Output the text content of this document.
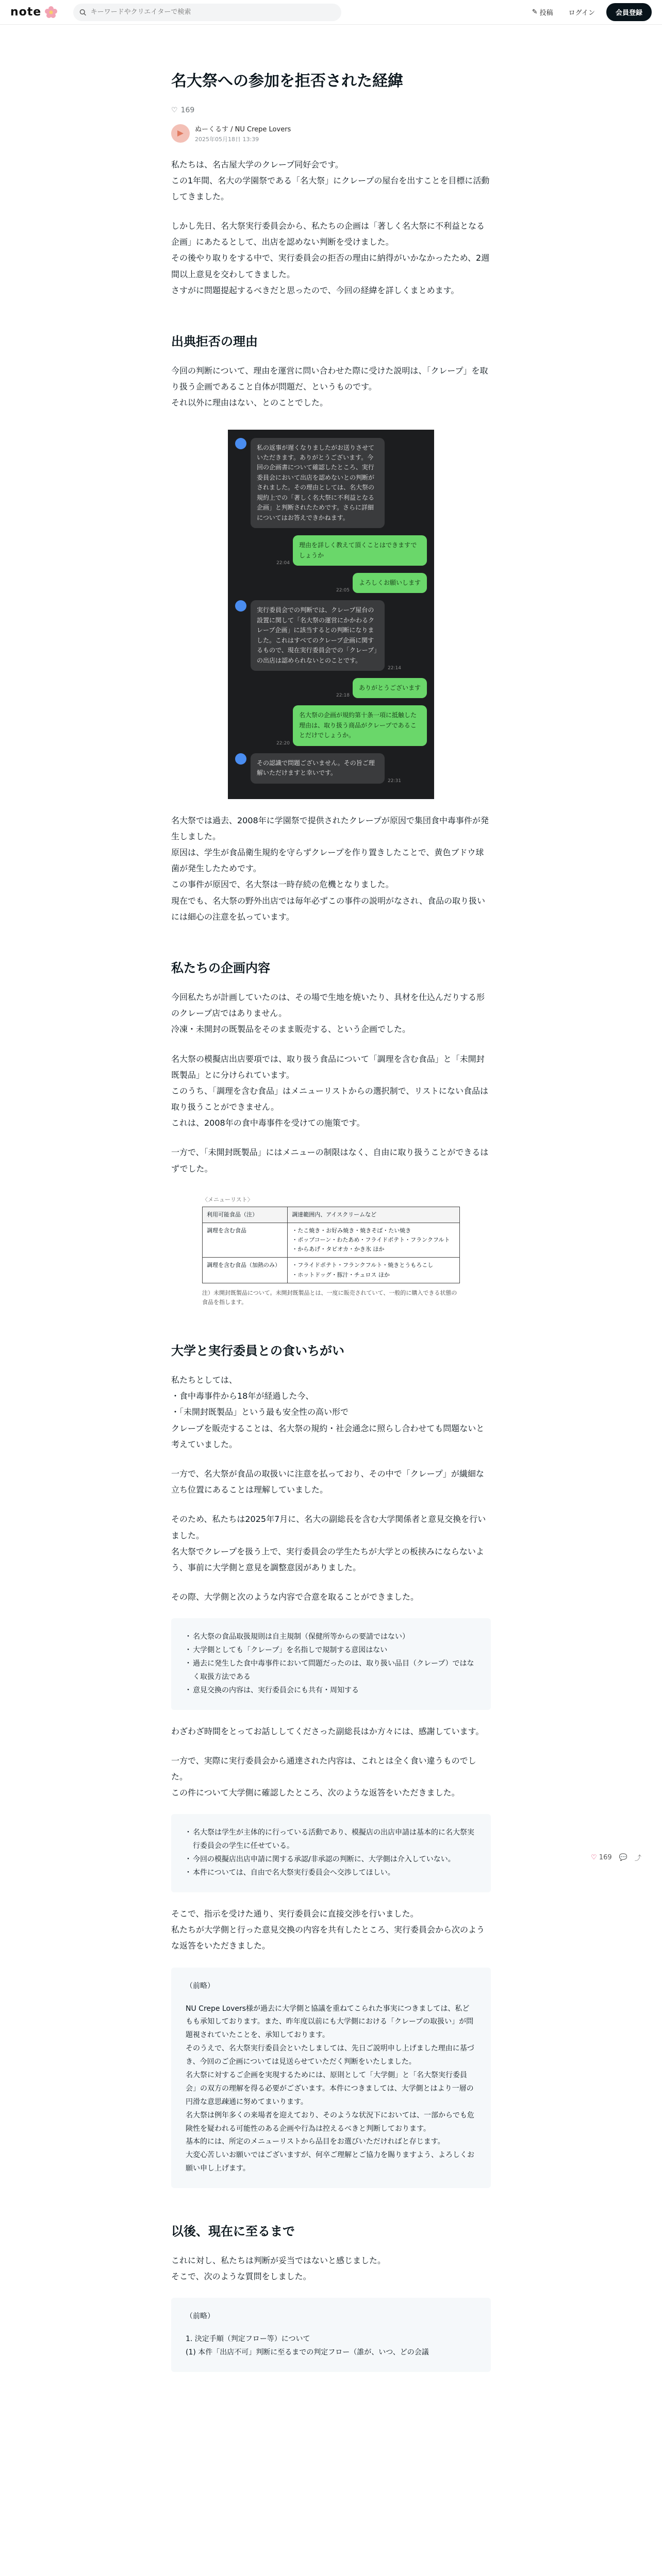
note
キーワードやクリエイターで検索	✎ 投稿	ログイン	会員登録
名大祭への参加を拒否された経緯
♡ 169
ぬーくるす / NU Crepe Lovers
2025年05月18日 13:39

私たちは、名古屋大学のクレープ同好会です。
この1年間、名大の学園祭である「名大祭」にクレープの屋台を出すことを目標に活動してきました。

しかし先日、名大祭実行委員会から、私たちの企画は「著しく名大祭に不利益となる企画」にあたるとして、出店を認めない判断を受けました。
その後やり取りをする中で、実行委員会の拒否の理由に納得がいかなかったため、2週間以上意見を交わしてきました。
さすがに問題提起するべきだと思ったので、今回の経緯を詳しくまとめます。

出典拒否の理由

今回の判断について、理由を運営に問い合わせた際に受けた説明は、「クレープ」を取り扱う企画であること自体が問題だ、というものです。
それ以外に理由はない、とのことでした。

私の返事が遅くなりましたがお送りさせていただきます。ありがとうございます。今回の企画書について確認したところ、実行委員会において出店を認めないとの判断がされました。その理由としては、名大祭の規約上での「著しく名大祭に不利益となる企画」と判断されたためです。さらに詳細についてはお答えできかねます。
22:04
理由を詳しく教えて頂くことはできますでしょうか
22:05
よろしくお願いします
実行委員会での判断では、クレープ屋台の設置に関して「名大祭の運営にかかわるクレープ企画」に該当するとの判断になりました。これはすべてのクレープ企画に関するもので、現在実行委員会での「クレープ」の出店は認められないとのことです。
22:14
22:18
ありがとうございます
22:20
名大祭の企画が規約第十条一項に抵触した理由は、取り扱う商品がクレープであることだけでしょうか。
その認識で問題ございません。その旨ご理解いただけますと幸いです。
22:31

名大祭では過去、2008年に学園祭で提供されたクレープが原因で集団食中毒事件が発生しました。
原因は、学生が食品衛生規約を守らずクレープを作り置きしたことで、黄色ブドウ球菌が発生したためです。
この事件が原因で、名大祭は一時存続の危機となりました。
現在でも、名大祭の野外出店では毎年必ずこの事件の説明がなされ、食品の取り扱いには細心の注意を払っています。

私たちの企画内容

今回私たちが計画していたのは、その場で生地を焼いたり、具材を仕込んだりする形のクレープ店ではありません。
冷凍・未開封の既製品をそのまま販売する、という企画でした。

名大祭の模擬店出店要項では、取り扱う食品について「調理を含む食品」と「未開封既製品」とに分けられています。
このうち、「調理を含む食品」はメニューリストからの選択制で、リストにない食品は取り扱うことができません。
これは、2008年の食中毒事件を受けての施策です。

一方で、「未開封既製品」にはメニューの制限はなく、自由に取り扱うことができるはずでした。

〈メニューリスト〉
利用可能食品（注）	調達範囲内、アイスクリームなど
調理を含む食品	・たこ焼き・お好み焼き・焼きそば・たい焼き
・ポップコーン・わたあめ・フライドポテト・フランクフルト
・からあげ・タピオカ・かき氷 ほか
調理を含む食品（加熱のみ）	・フライドポテト・フランクフルト・焼きとうもろこし
・ホットドッグ・豚汁・チュロス ほか
注）未開封既製品について。未開封既製品とは、一度に販売されていて、一般的に購入できる状態の食品を指します。
大学と実行委員との食いちがい

私たちとしては、
・食中毒事件から18年が経過した今、
・「未開封既製品」という最も安全性の高い形で
クレープを販売することは、名大祭の規約・社会通念に照らし合わせても問題ないと考えていました。

一方で、名大祭が食品の取扱いに注意を払っており、その中で「クレープ」が繊細な立ち位置にあることは理解していました。

そのため、私たちは2025年7月に、名大の副総長を含む大学関係者と意見交換を行いました。
名大祭でクレープを扱う上で、実行委員会の学生たちが大学との板挟みにならないよう、事前に大学側と意見を調整意図がありました。

その際、大学側と次のような内容で合意を取ることができました。

・ 名大祭の食品取扱規則は自主規制（保健所等からの要請ではない）
・ 大学側としても「クレープ」を名指しで規制する意図はない
・ 過去に発生した食中毒事件において問題だったのは、取り扱い品目（クレープ）ではなく取扱方法である
・ 意見交換の内容は、実行委員会にも共有・周知する

わざわざ時間をとってお話ししてくださった副総長はか方々には、感謝しています。

一方で、実際に実行委員会から通達された内容は、これとは全く食い違うものでした。
この件について大学側に確認したところ、次のような返答をいただきました。

・ 名大祭は学生が主体的に行っている活動であり、模擬店の出店申請は基本的に名大祭実行委員会の学生に任せている。
・ 今回の模擬店出店申請に関する承認/非承認の判断に、大学側は介入していない。
・ 本件については、自由で名大祭実行委員会へ交渉してほしい。

そこで、指示を受けた通り、実行委員会に直接交渉を行いました。
私たちが大学側と行った意見交換の内容を共有したところ、実行委員会から次のような返答をいただきました。

（前略）

NU Crepe Lovers様が過去に大学側と協議を重ねてこられた事実につきましては、私どもも承知しております。また、昨年度以前にも大学側における「クレープの取扱い」が問題視されていたことを、承知しております。

そのうえで、名大祭実行委員会といたしましては、先日ご説明申し上げました理由に基づき、今回のご企画については見送らせていただく判断をいたしました。

名大祭に対するご企画を実現するためには、原則として「大学側」と「名大祭実行委員会」の双方の理解を得る必要がございます。本件につきましては、大学側とはより一層の円滑な意思疎通に努めてまいります。

名大祭は例年多くの来場者を迎えており、そのような状況下においては、一部からでも危険性を疑われる可能性のある企画や行為は控えるべきと判断しております。

基本的には、所定のメニューリストから品目をお選びいただければと存じます。

大変心苦しいお願いではございますが、何卒ご理解とご協力を賜りますよう、よろしくお願い申し上げます。

以後、現在に至るまで

これに対し、私たちは判断が妥当ではないと感じました。
そこで、次のような質問をしました。

（前略）

1. 決定手順（判定フロー等）について

(1) 本件「出店不可」判断に至るまでの判定フロー（誰が、いつ、どの会議

♡ 169 💬 ⤴
